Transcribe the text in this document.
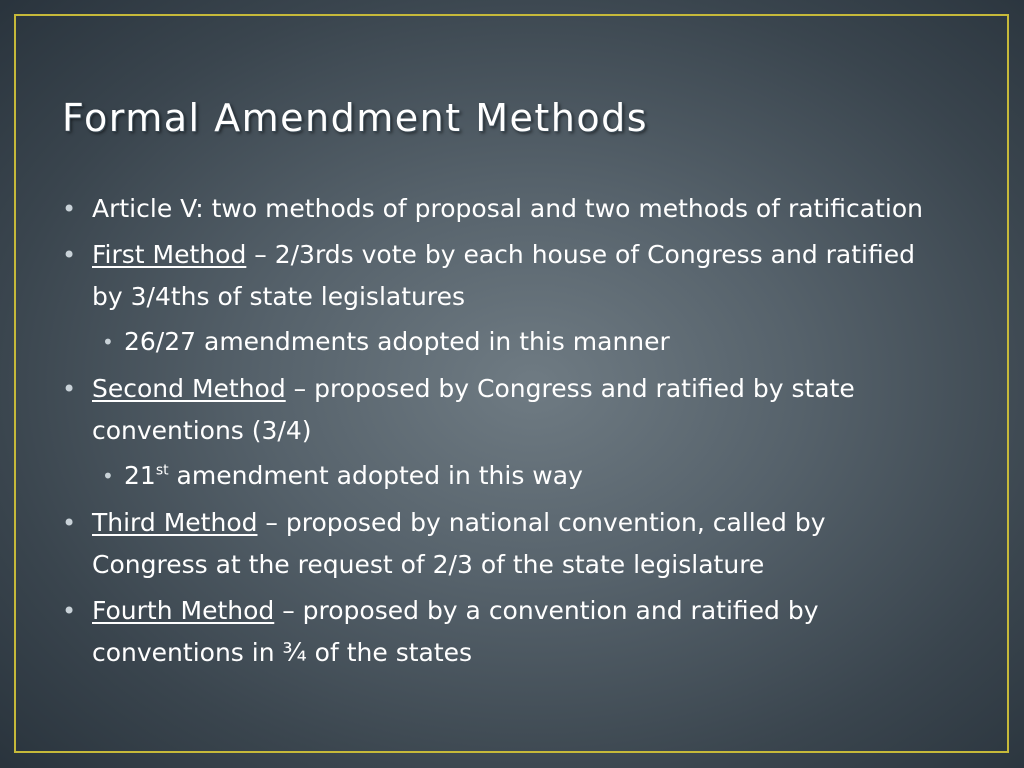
Formal Amendment Methods
• Article V: two methods of proposal and two methods of ratification
• First Method – 2/3rds vote by each house of Congress and ratified by 3/4ths of state legislatures
• 26/27 amendments adopted in this manner
• Second Method – proposed by Congress and ratified by state conventions (3/4)
• 21st amendment adopted in this way
• Third Method – proposed by national convention, called by Congress at the request of 2/3 of the state legislature
• Fourth Method – proposed by a convention and ratified by conventions in ¾ of the states
